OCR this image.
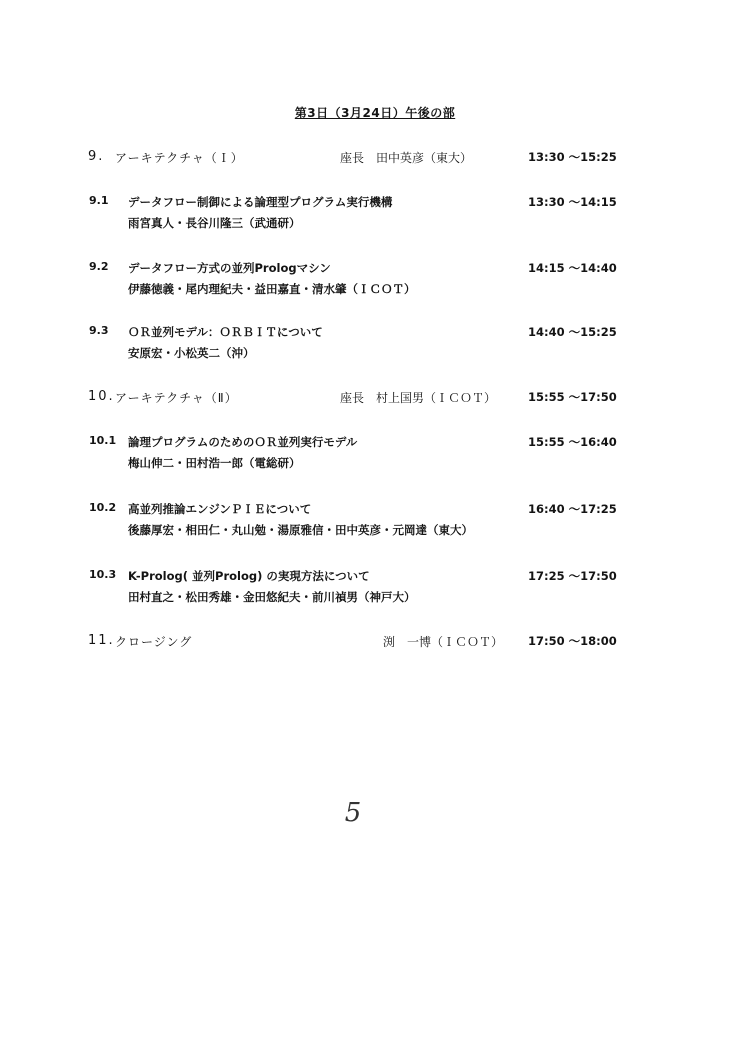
第3日（3月24日）午後の部
9. アーキテクチャ（Ｉ）	座長　田中英彦（東大）	13:30 ～15:25
9.1 データフロー制御による論理型プログラム実行機構	13:30 ～14:15
雨宮真人・長谷川隆三（武通研）
9.2 データフロー方式の並列Prologマシン	14:15 ～14:40
伊藤徳義・尾内理紀夫・益田嘉直・清水肇（ＩＣＯＴ）
9.3 ＯＲ並列モデル：ＯＲＢＩＴについて	14:40 ～15:25
安原宏・小松英二（沖）
10. アーキテクチャ（Ⅱ）	座長　村上国男（ＩＣＯＴ）	15:55 ～17:50
10.1 論理プログラムのためのＯＲ並列実行モデル	15:55 ～16:40
梅山伸二・田村浩一郎（電総研）
10.2 高並列推論エンジンＰＩＥについて	16:40 ～17:25
後藤厚宏・相田仁・丸山勉・湯原雅信・田中英彦・元岡達（東大）
10.3 K-Prolog( 並列Prolog) の実現方法について	17:25 ～17:50
田村直之・松田秀雄・金田悠紀夫・前川禎男（神戸大）
11. クロージング	渕　一博（ＩＣＯＴ） 17:50 ～18:00
5
